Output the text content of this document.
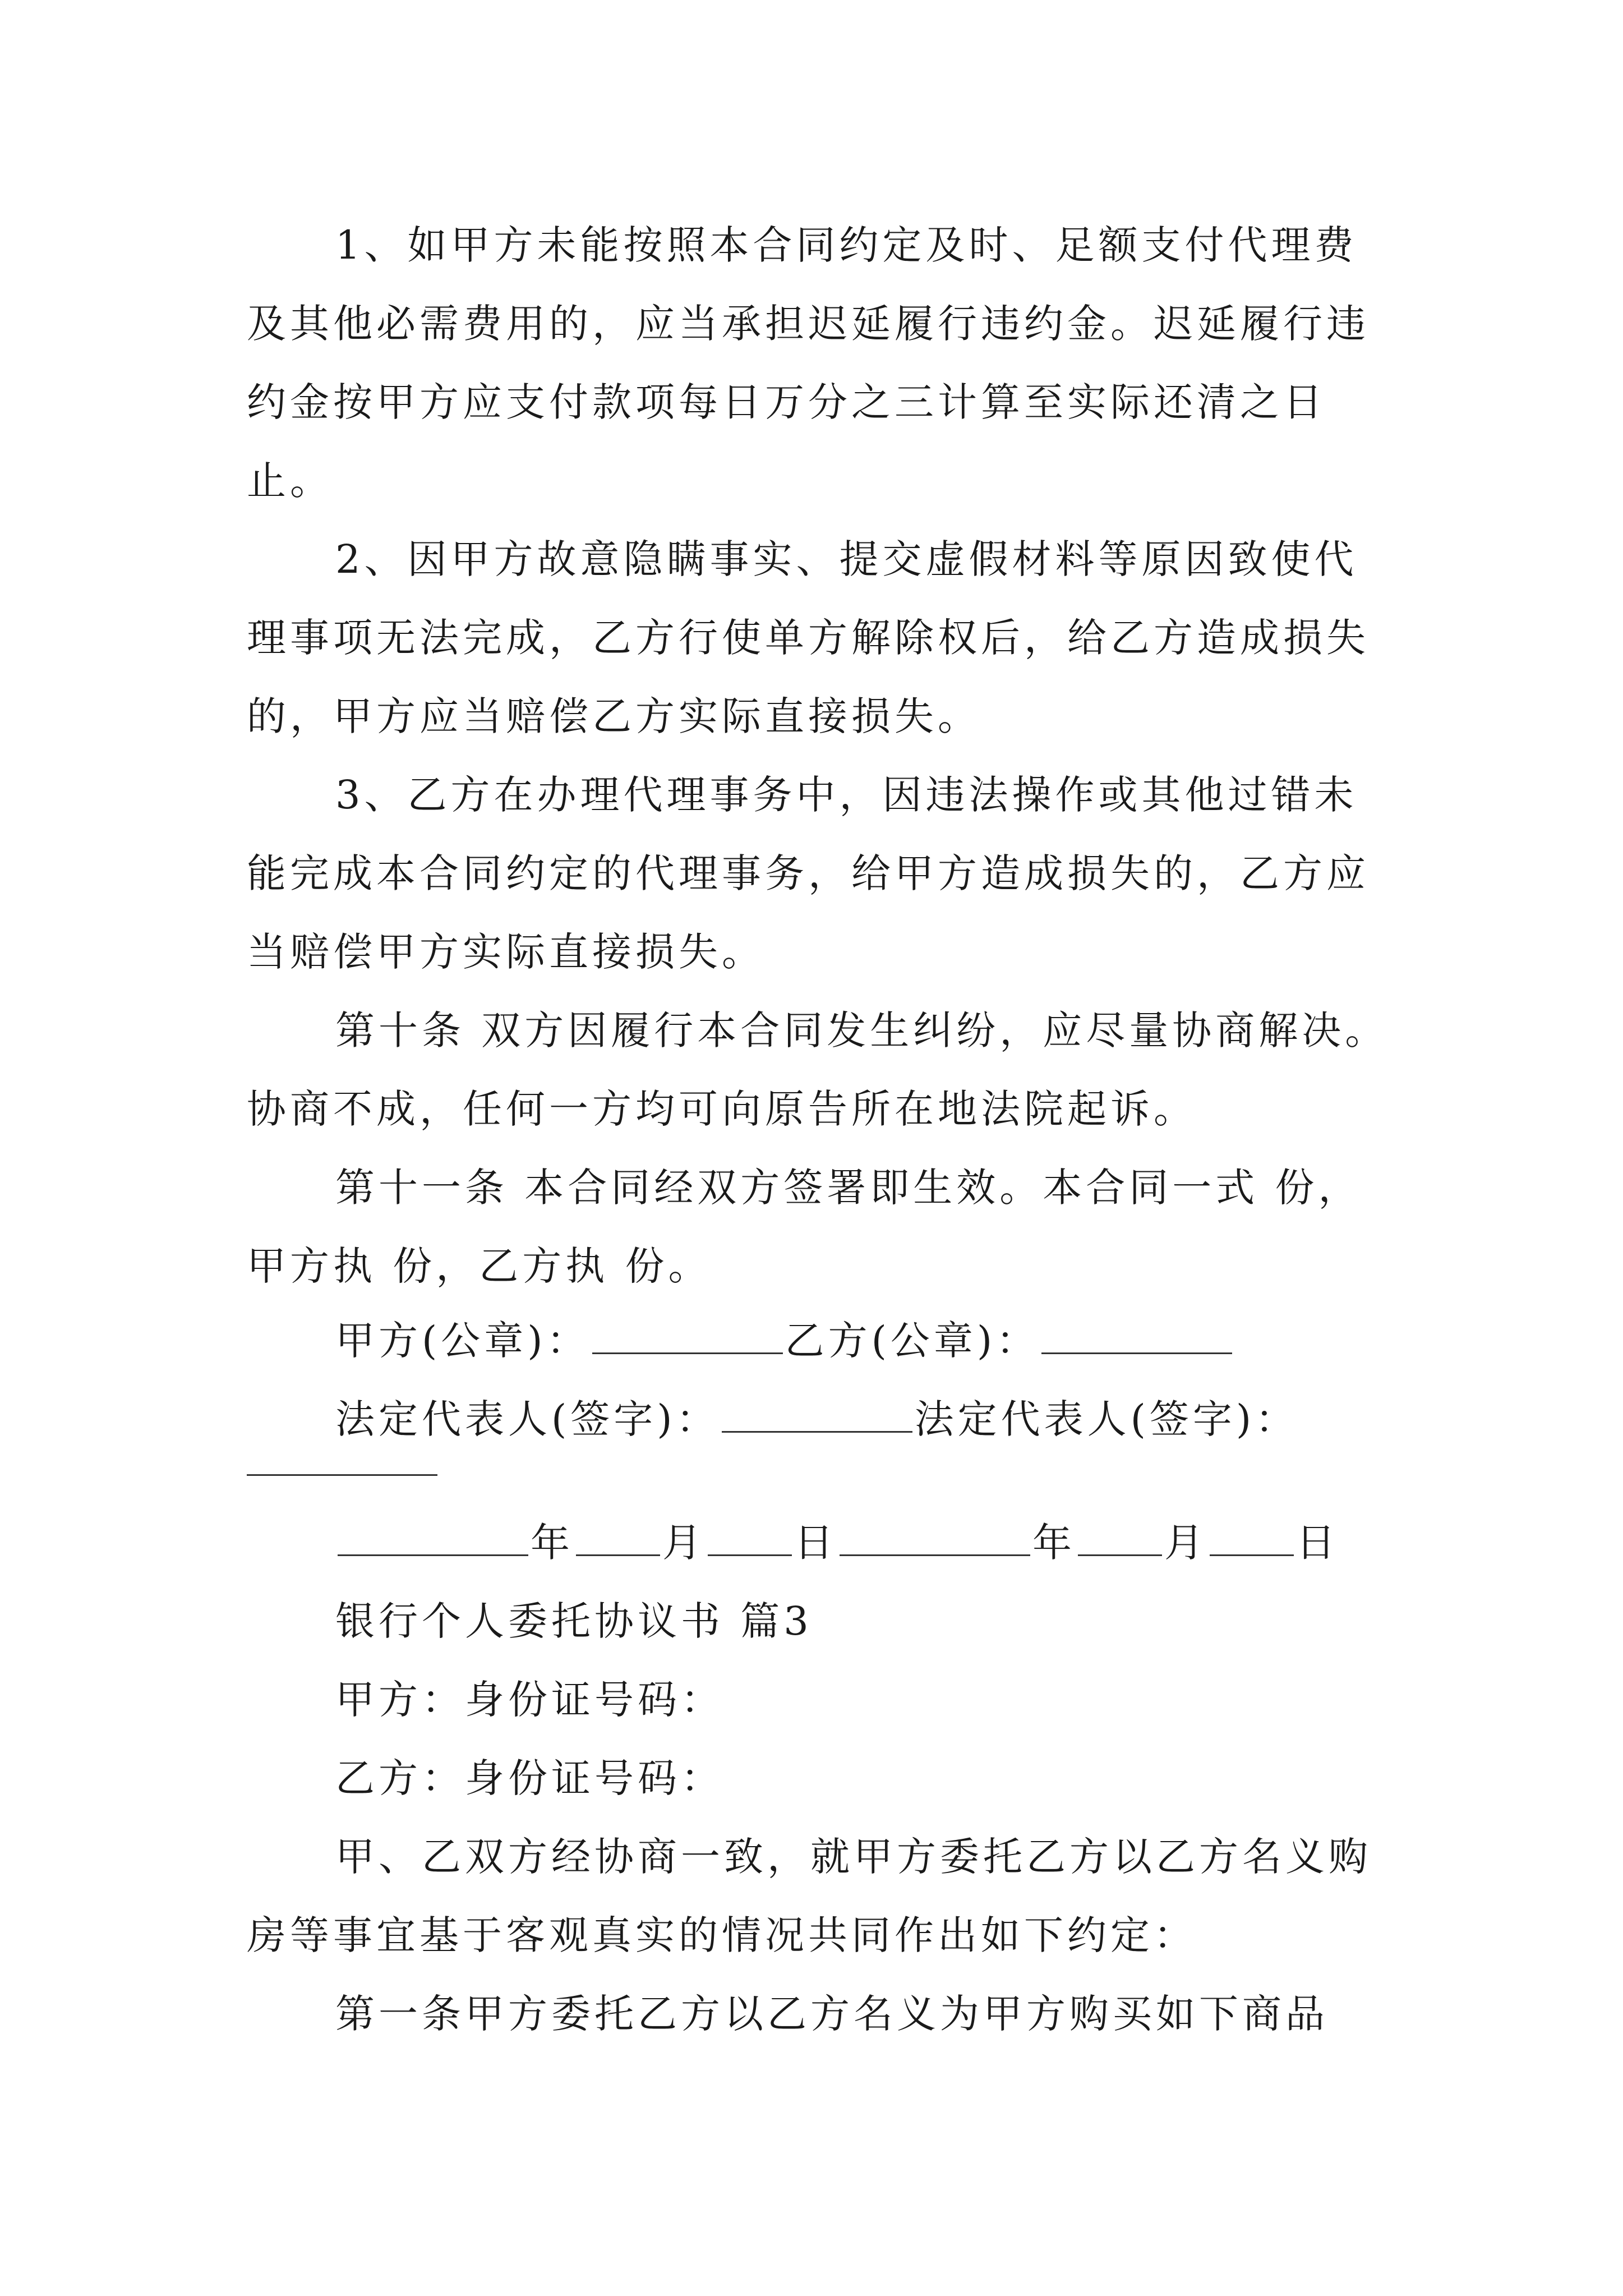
1、如甲方未能按照本合同约定及时、足额支付代理费
及其他必需费用的，应当承担迟延履行违约金。迟延履行违
约金按甲方应支付款项每日万分之三计算至实际还清之日
止。
2、因甲方故意隐瞒事实、提交虚假材料等原因致使代
理事项无法完成，乙方行使单方解除权后，给乙方造成损失
的，甲方应当赔偿乙方实际直接损失。
3、乙方在办理代理事务中，因违法操作或其他过错未
能完成本合同约定的代理事务，给甲方造成损失的，乙方应
当赔偿甲方实际直接损失。
第十条 双方因履行本合同发生纠纷，应尽量协商解决。
协商不成，任何一方均可向原告所在地法院起诉。
第十一条 本合同经双方签署即生效。本合同一式 份，
甲方执 份，乙方执 份。
甲方(公章)：	乙方(公章)：
法定代表人(签字)：	法定代表人(签字)：
年 月 日	年 月 日
银行个人委托协议书 篇3
甲方：身份证号码：
乙方：身份证号码：
甲、乙双方经协商一致，就甲方委托乙方以乙方名义购
房等事宜基于客观真实的情况共同作出如下约定：
第一条甲方委托乙方以乙方名义为甲方购买如下商品
